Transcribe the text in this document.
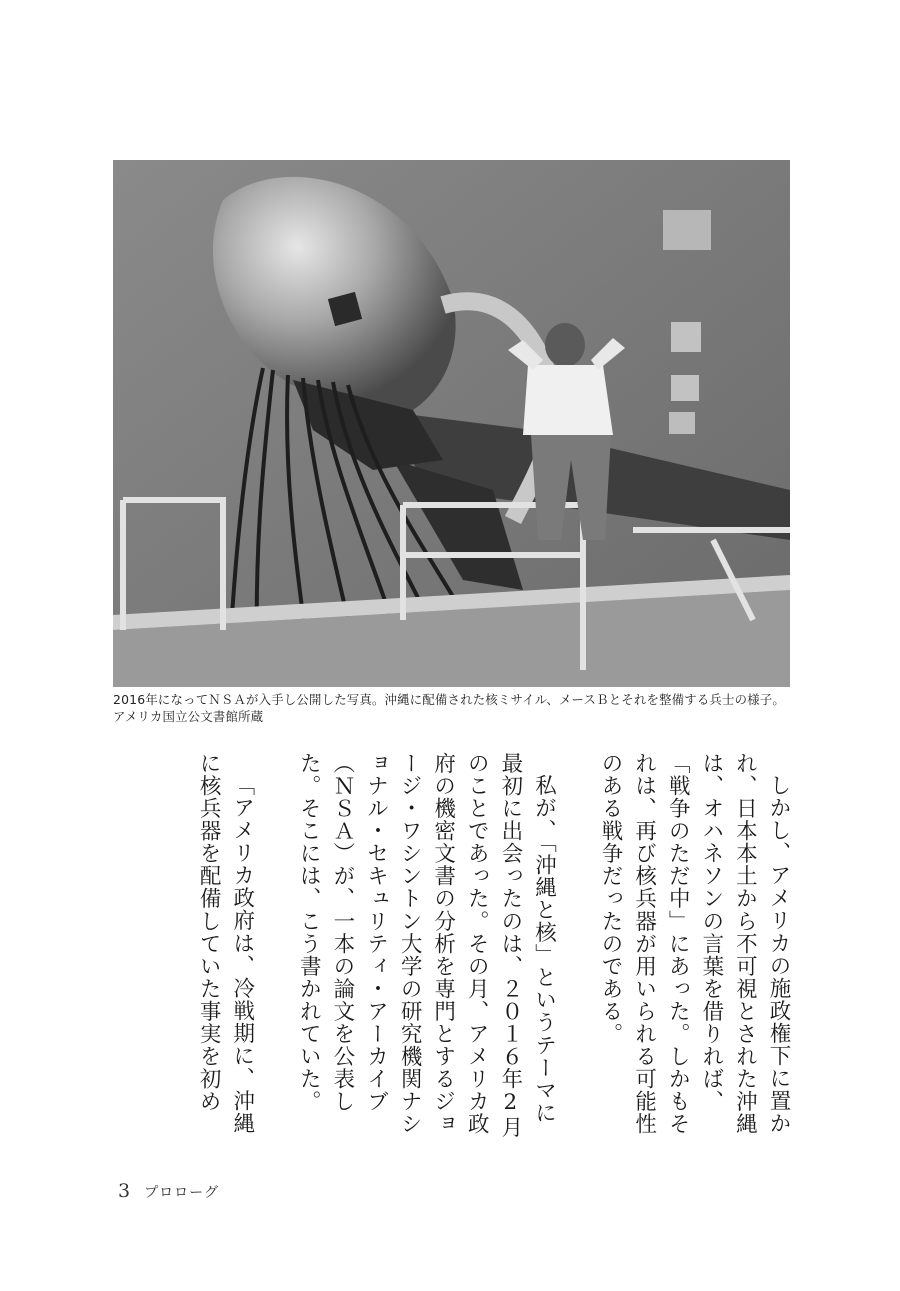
2016年になってＮＳＡが入手し公開した写真。沖縄に配備された核ミサイル、メースＢとそれを整備する兵士の様子。アメリカ国立公文書館所蔵

しかし、アメリカの施政権下に置かれ、日本本土から不可視とされた沖縄は、オハネソンの言葉を借りれば、「戦争のただ中」にあった。しかもそれは、再び核兵器が用いられる可能性のある戦争だったのである。

私が、「沖縄と核」というテーマに最初に出会ったのは、２０１６年2月のことであった。その月、アメリカ政府の機密文書の分析を専門とするジョージ・ワシントン大学の研究機関ナショナル・セキュリティ・アーカイブ（ＮＳＡ）が、一本の論文を公表した。そこには、こう書かれていた。

「アメリカ政府は、冷戦期に、沖縄に核兵器を配備していた事実を初め

3 プロローグ
